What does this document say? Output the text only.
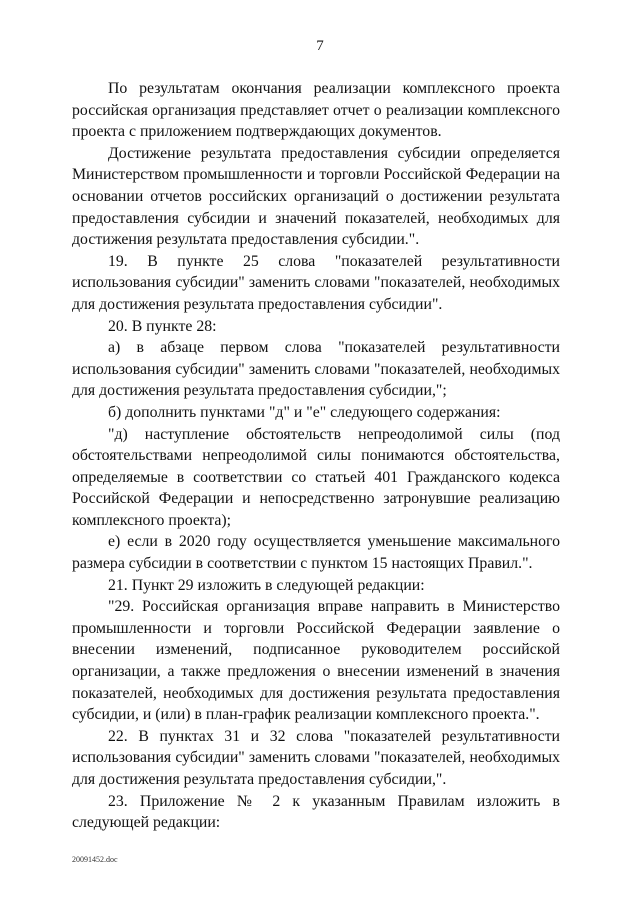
7

По результатам окончания реализации комплексного проекта российская организация представляет отчет о реализации комплексного проекта с приложением подтверждающих документов.

Достижение результата предоставления субсидии определяется Министерством промышленности и торговли Российской Федерации на основании отчетов российских организаций о достижении результата предоставления субсидии и значений показателей, необходимых для достижения результата предоставления субсидии.".

19. В пункте 25 слова "показателей результативности использования субсидии" заменить словами "показателей, необходимых для достижения результата предоставления субсидии".

20. В пункте 28:

а) в абзаце первом слова "показателей результативности использования субсидии" заменить словами "показателей, необходимых для достижения результата предоставления субсидии,";

б) дополнить пунктами "д" и "е" следующего содержания:

"д) наступление обстоятельств непреодолимой силы (под обстоятельствами непреодолимой силы понимаются обстоятельства, определяемые в соответствии со статьей 401 Гражданского кодекса Российской Федерации и непосредственно затронувшие реализацию комплексного проекта);

е) если в 2020 году осуществляется уменьшение максимального размера субсидии в соответствии с пунктом 15 настоящих Правил.".

21. Пункт 29 изложить в следующей редакции:

"29. Российская организация вправе направить в Министерство промышленности и торговли Российской Федерации заявление о внесении изменений, подписанное руководителем российской организации, а также предложения о внесении изменений в значения показателей, необходимых для достижения результата предоставления субсидии, и (или) в план-график реализации комплексного проекта.".

22. В пунктах 31 и 32 слова "показателей результативности использования субсидии" заменить словами "показателей, необходимых для достижения результата предоставления субсидии,".

23. Приложение № 2 к указанным Правилам изложить в следующей редакции:

20091452.doc
